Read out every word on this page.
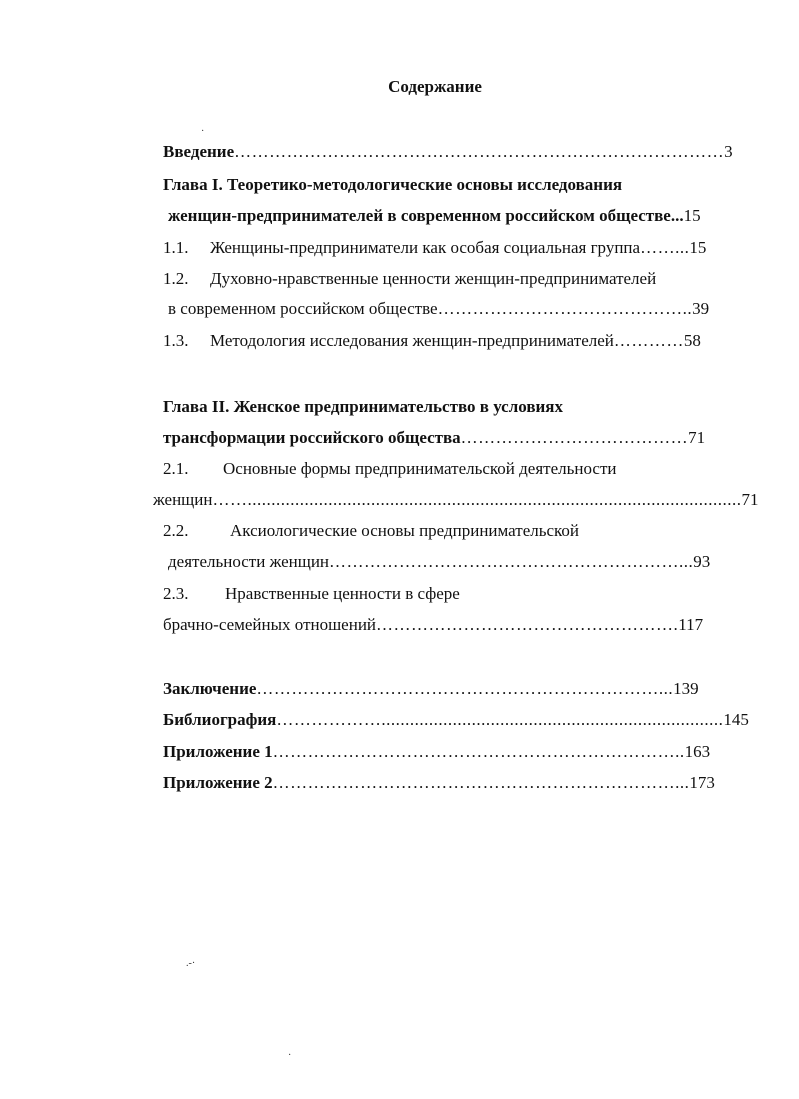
Содержание
Введение…………………………………………………………………………3
Глава I. Теоретико-методологические основы исследования
женщин-предпринимателей в современном российском обществе...15
1.1. Женщины-предприниматели как особая социальная группа……...15
1.2. Духовно-нравственные ценности женщин-предпринимателей
в современном российском обществе……………………………………..39
1.3. Методология исследования женщин-предпринимателей…………58
Глава II. Женское предпринимательство в условиях
трансформации российского общества…………………………………71
2.1. Основные формы предпринимательской деятельности
женщин……........................................................................................................71
2.2. Аксиологические основы предпринимательской
деятельности женщин……………………………………………………...93
2.3. Нравственные ценности в сфере
брачно-семейных отношений…………………………………………….117
Заключение……………………………………………………………...139
Библиография………………........................................................................145
Приложение 1……………………………………………………………..163
Приложение 2……………………………………………………………...173
·
.-·
·
